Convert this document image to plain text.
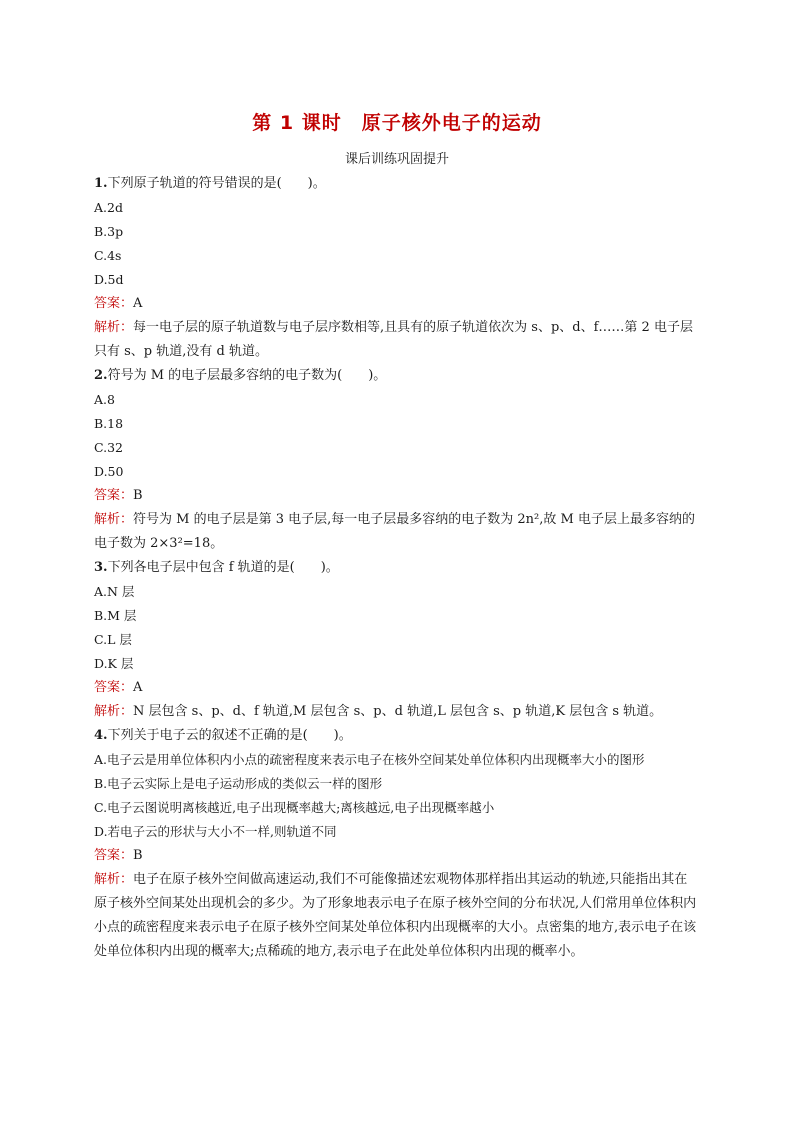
第 1 课时　原子核外电子的运动
课后训练巩固提升
1.下列原子轨道的符号错误的是(　　)。
A.2d
B.3p
C.4s
D.5d
答案：A
解析：每一电子层的原子轨道数与电子层序数相等,且具有的原子轨道依次为 s、p、d、f……第 2 电子层只有 s、p 轨道,没有 d 轨道。
2.符号为 M 的电子层最多容纳的电子数为(　　)。
A.8
B.18
C.32
D.50
答案：B
解析：符号为 M 的电子层是第 3 电子层,每一电子层最多容纳的电子数为 2n²,故 M 电子层上最多容纳的电子数为 2×3²=18。
3.下列各电子层中包含 f 轨道的是(　　)。
A.N 层
B.M 层
C.L 层
D.K 层
答案：A
解析：N 层包含 s、p、d、f 轨道,M 层包含 s、p、d 轨道,L 层包含 s、p 轨道,K 层包含 s 轨道。
4.下列关于电子云的叙述不正确的是(　　)。
A.电子云是用单位体积内小点的疏密程度来表示电子在核外空间某处单位体积内出现概率大小的图形
B.电子云实际上是电子运动形成的类似云一样的图形
C.电子云图说明离核越近,电子出现概率越大;离核越远,电子出现概率越小
D.若电子云的形状与大小不一样,则轨道不同
答案：B
解析：电子在原子核外空间做高速运动,我们不可能像描述宏观物体那样指出其运动的轨迹,只能指出其在原子核外空间某处出现机会的多少。为了形象地表示电子在原子核外空间的分布状况,人们常用单位体积内小点的疏密程度来表示电子在原子核外空间某处单位体积内出现概率的大小。点密集的地方,表示电子在该处单位体积内出现的概率大;点稀疏的地方,表示电子在此处单位体积内出现的概率小。
